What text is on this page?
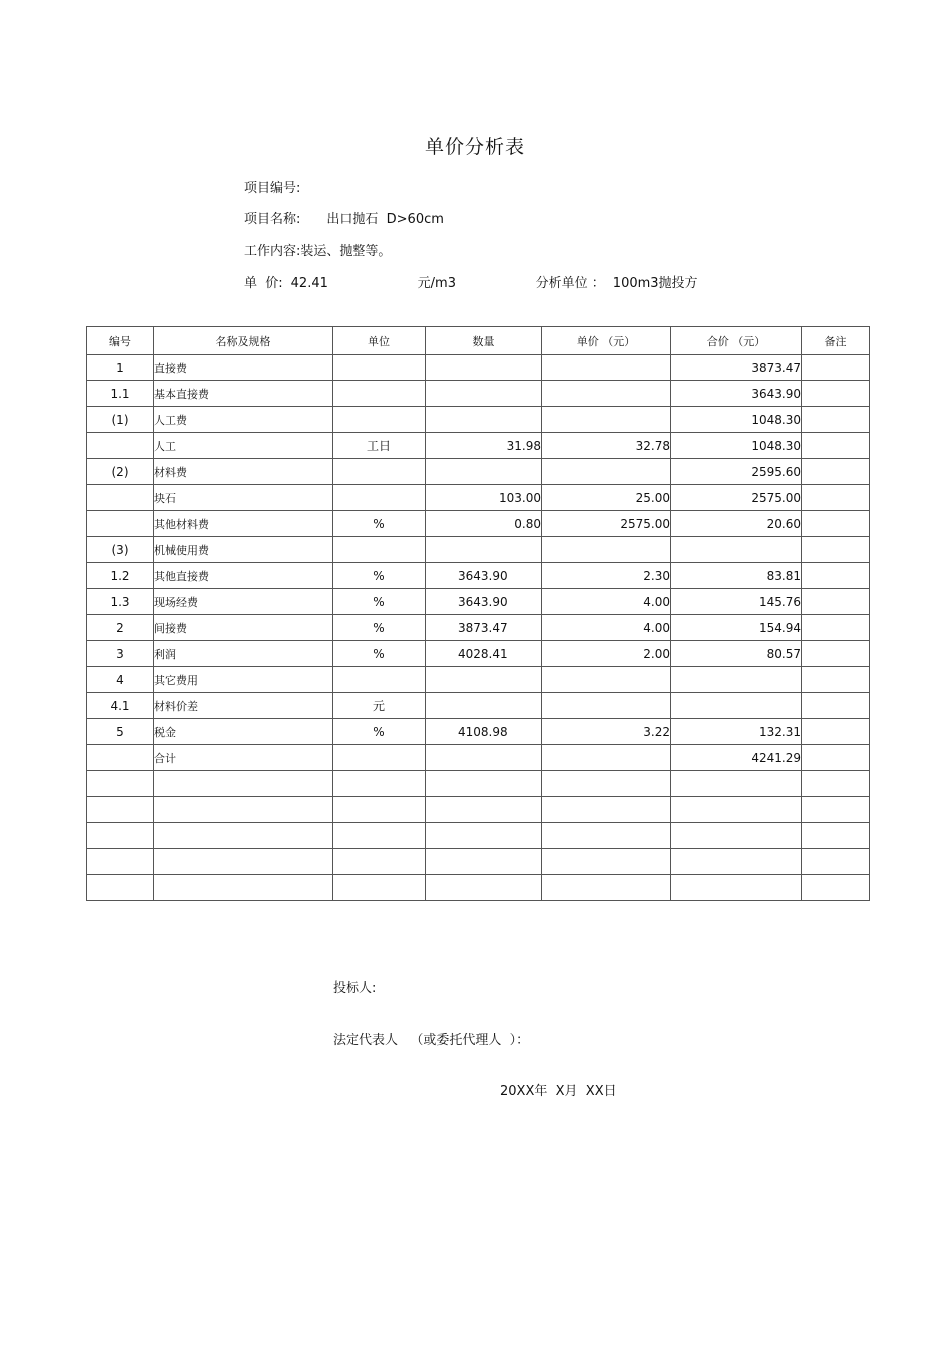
单价分析表
项目编号:
项目名称: 出口抛石  D>60cm
工作内容:装运、抛整等。
单  价: 42.41	元/m3	分析单位 ： 100m3抛投方
编号	名称及规格	单位	数量	单价 （元）	合价 （元）	备注
1	直接费				3873.47	
1.1	基本直接费				3643.90	
(1)	人工费				1048.30	
	人工	工日	31.98	32.78	1048.30	
(2)	材料费				2595.60	
	块石		103.00	25.00	2575.00	
	其他材料费	%	0.80	2575.00	20.60	
(3)	机械使用费					
1.2	其他直接费	%	3643.90	2.30	83.81	
1.3	现场经费	%	3643.90	4.00	145.76	
2	间接费	%	3873.47	4.00	154.94	
3	利润	%	4028.41	2.00	80.57	
4	其它费用					
4.1	材料价差	元				
5	税金	%	4108.98	3.22	132.31	
	合计				4241.29	

投标人:
法定代表人   （或委托代理人  ）：
20XX年  X月  XX日
